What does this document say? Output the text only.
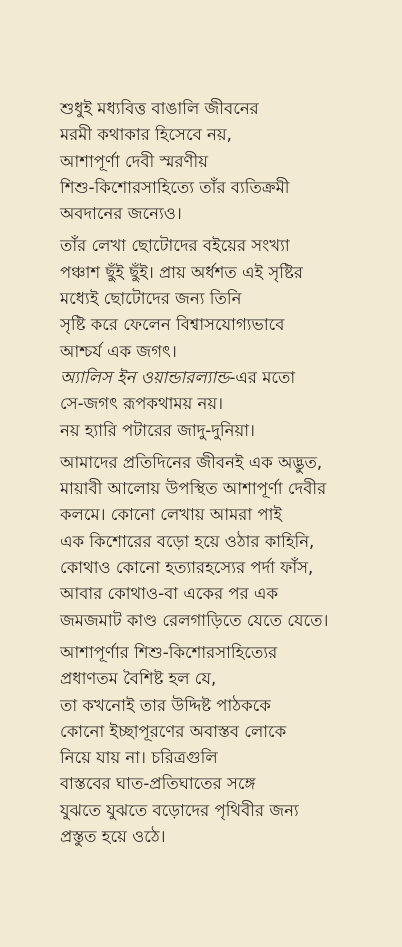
শুধুই মধ্যবিত্ত বাঙালি জীবনের
মরমী কথাকার হিসেবে নয়,
আশাপূর্ণা দেবী স্মরণীয়
শিশু-কিশোরসাহিত্যে তাঁর ব্যতিক্রমী
অবদানের জন্যেও।

তাঁর লেখা ছোটোদের বইয়ের সংখ্যা
পঞ্চাশ ছুঁই ছুঁই। প্রায় অর্ধশত এই সৃষ্টির
মধ্যেই ছোটোদের জন্য তিনি
সৃষ্টি করে ফেলেন বিশ্বাসযোগ্যভাবে
আশ্চর্য এক জগৎ।
অ্যালিস ইন ওয়ান্ডারল্যান্ড-এর মতো
সে-জগৎ রূপকথাময় নয়।
নয় হ্যারি পটারের জাদু-দুনিয়া।

আমাদের প্রতিদিনের জীবনই এক অদ্ভুত,
মায়াবী আলোয় উপস্থিত আশাপূর্ণা দেবীর
কলমে। কোনো লেখায় আমরা পাই
এক কিশোরের বড়ো হয়ে ওঠার কাহিনি,
কোথাও কোনো হত্যারহস্যের পর্দা ফাঁস,
আবার কোথাও-বা একের পর এক
জমজমাট কাণ্ড রেলগাড়িতে যেতে যেতে।

আশাপূর্ণার শিশু-কিশোরসাহিত্যের
প্রধাণতম বৈশিষ্ট হল যে,
তা কখনোই তার উদ্দিষ্ট পাঠককে
কোনো ইচ্ছাপূরণের অবাস্তব লোকে
নিয়ে যায় না। চরিত্রগুলি
বাস্তবের ঘাত-প্রতিঘাতের সঙ্গে
যুঝতে যুঝতে বড়োদের পৃথিবীর জন্য
প্রস্তুত হয়ে ওঠে।
